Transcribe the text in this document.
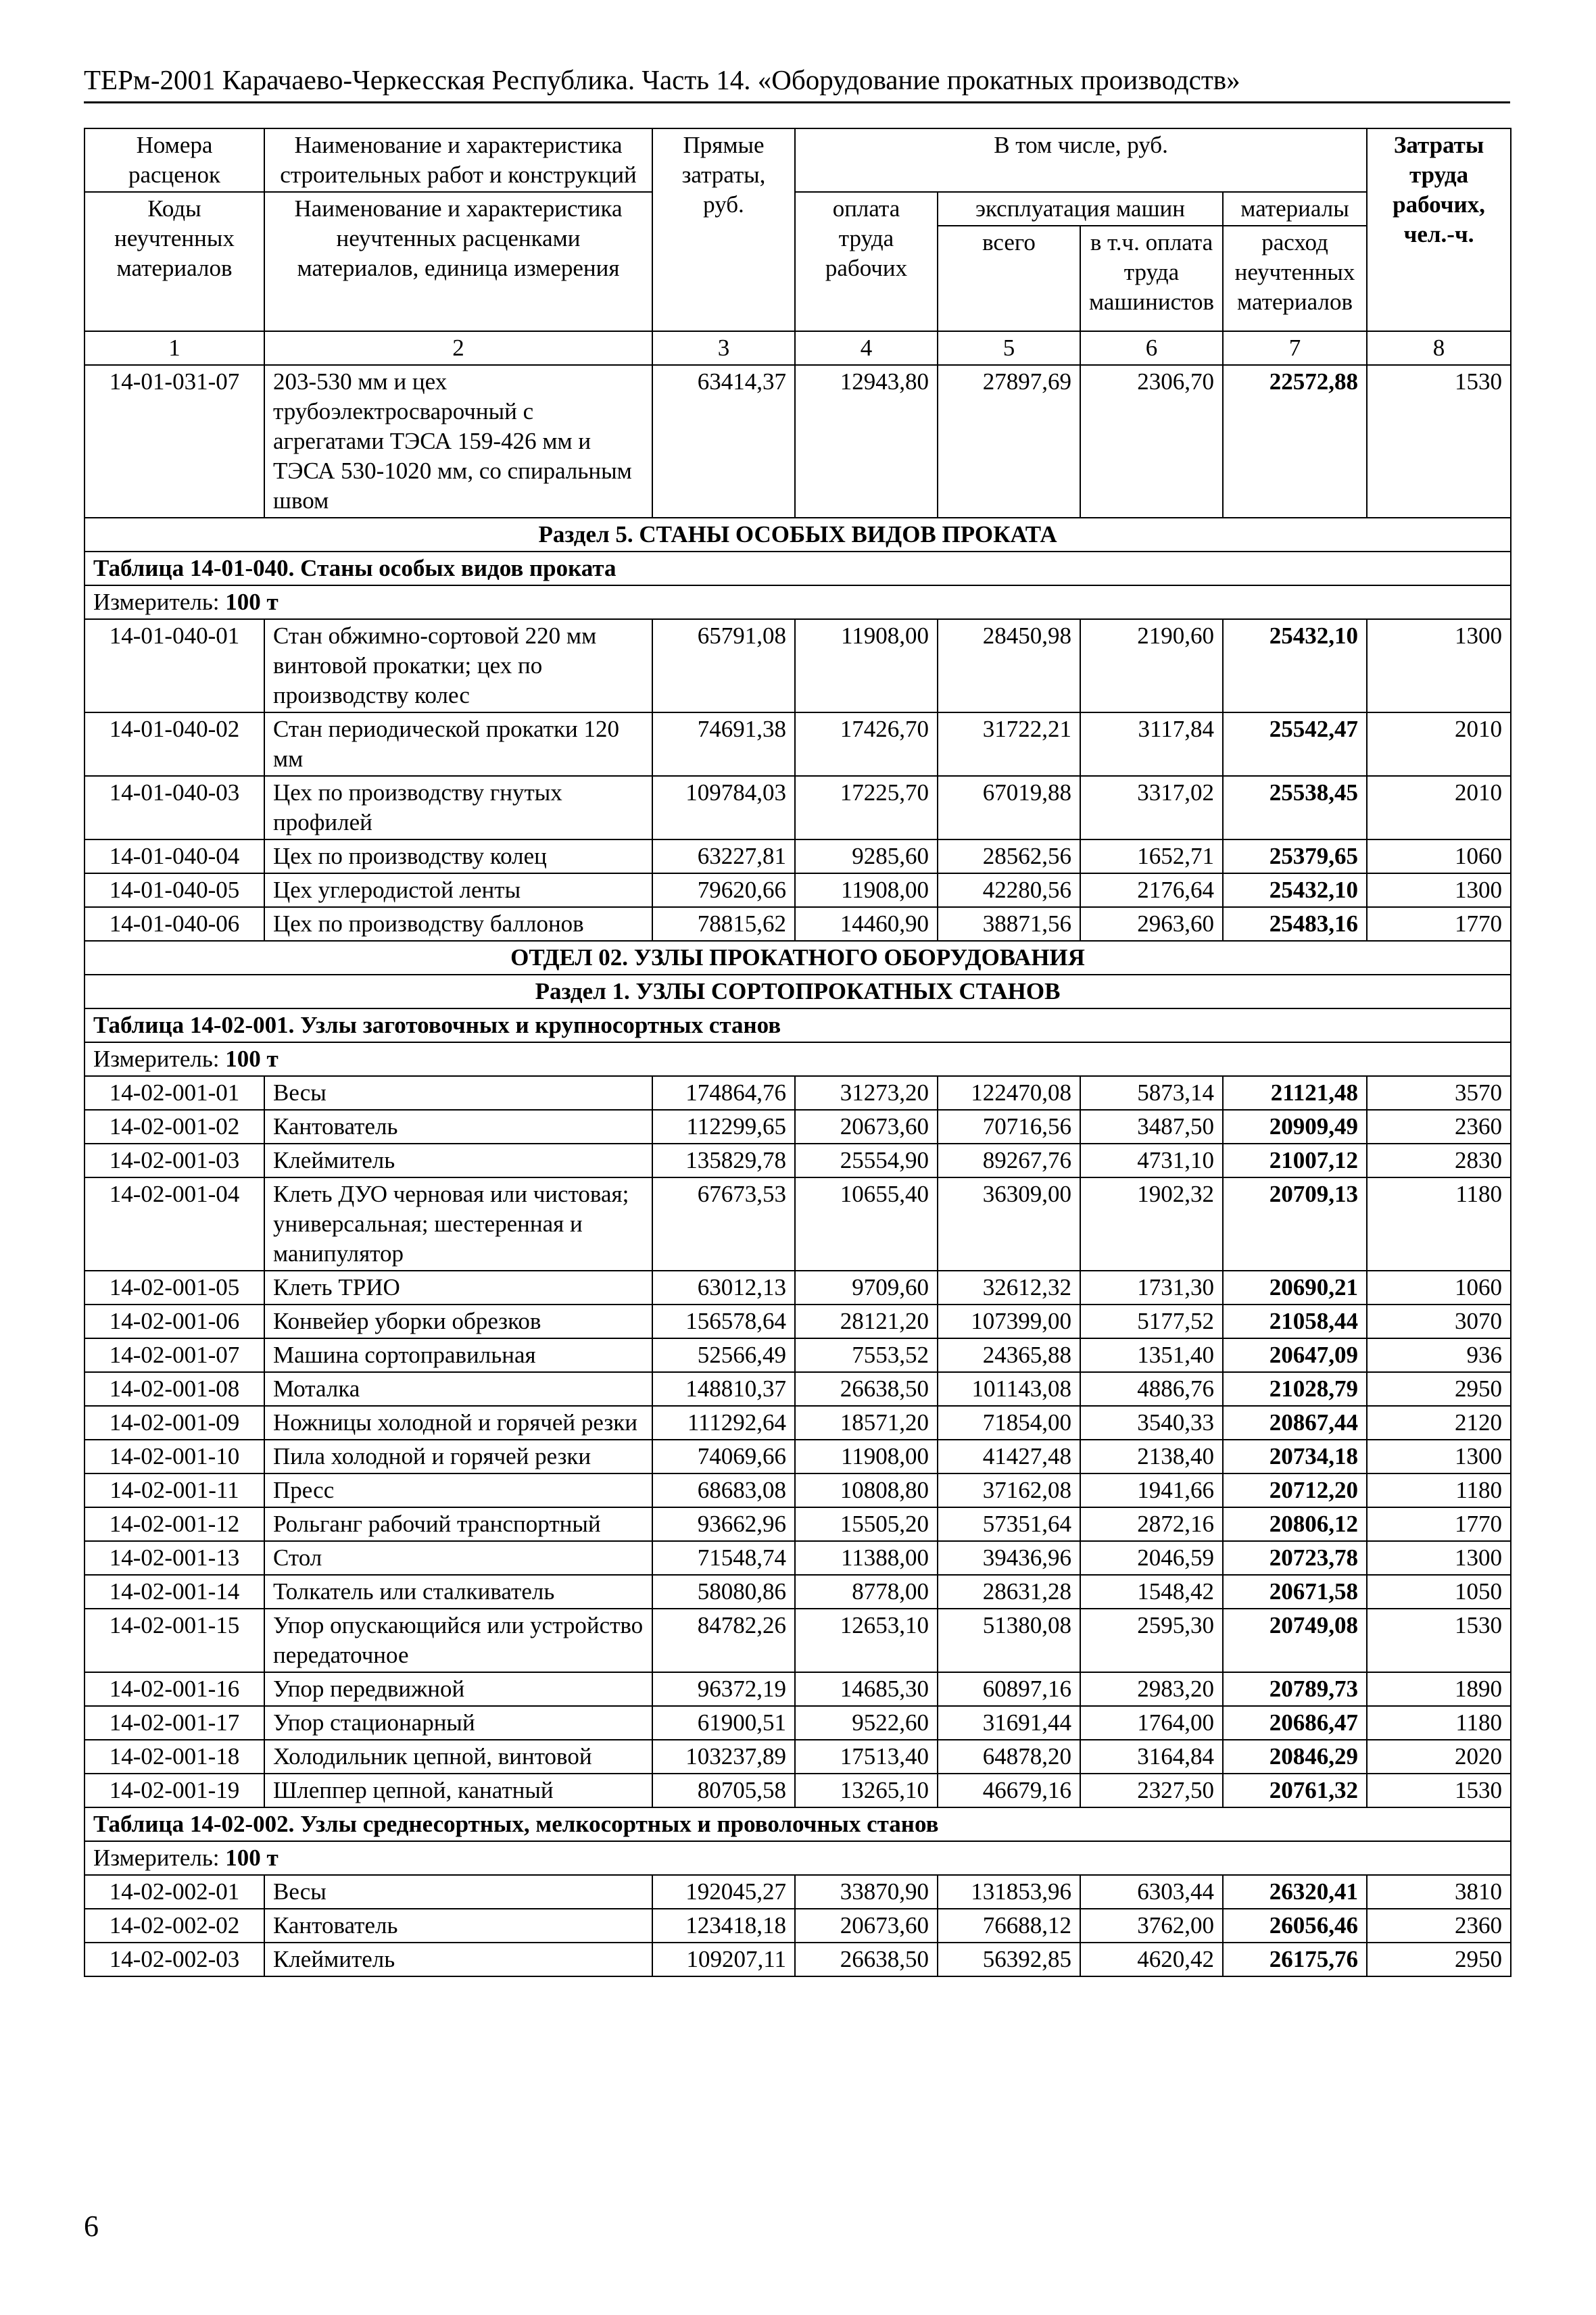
ТЕРм-2001 Карачаево-Черкесская Республика. Часть 14. «Оборудование прокатных производств»
Номера расценок	Наименование и характеристика строительных работ и конструкций	Прямые затраты, руб.	В том числе, руб.				Затраты труда рабочих, чел.-ч.
Коды неучтенных материалов	Наименование и характеристика неучтенных расценками материалов, единица измерения		оплата труда рабочих	эксплуатация машин		материалы	
				всего	в т.ч. оплата труда машинистов	расход неучтенных материалов	
1	2	3	4	5	6	7	8
14-01-031-07	203-530 мм и цех трубоэлектросварочный с агрегатами ТЭСА 159-426 мм и ТЭСА 530-1020 мм, со спиральным швом	63414,37	12943,80	27897,69	2306,70	22572,88	1530
Раздел 5. СТАНЫ ОСОБЫХ ВИДОВ ПРОКАТА							
Таблица 14-01-040. Станы особых видов проката							
Измеритель: 100 т							
14-01-040-01	Стан обжимно-сортовой 220 мм винтовой прокатки; цех по производству колес	65791,08	11908,00	28450,98	2190,60	25432,10	1300
14-01-040-02	Стан периодической прокатки 120 мм	74691,38	17426,70	31722,21	3117,84	25542,47	2010
14-01-040-03	Цех по производству гнутых профилей	109784,03	17225,70	67019,88	3317,02	25538,45	2010
14-01-040-04	Цех по производству колец	63227,81	9285,60	28562,56	1652,71	25379,65	1060
14-01-040-05	Цех углеродистой ленты	79620,66	11908,00	42280,56	2176,64	25432,10	1300
14-01-040-06	Цех по производству баллонов	78815,62	14460,90	38871,56	2963,60	25483,16	1770
ОТДЕЛ 02. УЗЛЫ ПРОКАТНОГО ОБОРУДОВАНИЯ							
Раздел 1. УЗЛЫ СОРТОПРОКАТНЫХ СТАНОВ							
Таблица 14-02-001. Узлы заготовочных и крупносортных станов							
Измеритель: 100 т							
14-02-001-01	Весы	174864,76	31273,20	122470,08	5873,14	21121,48	3570
14-02-001-02	Кантователь	112299,65	20673,60	70716,56	3487,50	20909,49	2360
14-02-001-03	Клеймитель	135829,78	25554,90	89267,76	4731,10	21007,12	2830
14-02-001-04	Клеть ДУО черновая или чистовая; универсальная; шестеренная и манипулятор	67673,53	10655,40	36309,00	1902,32	20709,13	1180
14-02-001-05	Клеть ТРИО	63012,13	9709,60	32612,32	1731,30	20690,21	1060
14-02-001-06	Конвейер уборки обрезков	156578,64	28121,20	107399,00	5177,52	21058,44	3070
14-02-001-07	Машина сортоправильная	52566,49	7553,52	24365,88	1351,40	20647,09	936
14-02-001-08	Моталка	148810,37	26638,50	101143,08	4886,76	21028,79	2950
14-02-001-09	Ножницы холодной и горячей резки	111292,64	18571,20	71854,00	3540,33	20867,44	2120
14-02-001-10	Пила холодной и горячей резки	74069,66	11908,00	41427,48	2138,40	20734,18	1300
14-02-001-11	Пресс	68683,08	10808,80	37162,08	1941,66	20712,20	1180
14-02-001-12	Рольганг рабочий транспортный	93662,96	15505,20	57351,64	2872,16	20806,12	1770
14-02-001-13	Стол	71548,74	11388,00	39436,96	2046,59	20723,78	1300
14-02-001-14	Толкатель или сталкиватель	58080,86	8778,00	28631,28	1548,42	20671,58	1050
14-02-001-15	Упор опускающийся или устройство передаточное	84782,26	12653,10	51380,08	2595,30	20749,08	1530
14-02-001-16	Упор передвижной	96372,19	14685,30	60897,16	2983,20	20789,73	1890
14-02-001-17	Упор стационарный	61900,51	9522,60	31691,44	1764,00	20686,47	1180
14-02-001-18	Холодильник цепной, винтовой	103237,89	17513,40	64878,20	3164,84	20846,29	2020
14-02-001-19	Шлеппер цепной, канатный	80705,58	13265,10	46679,16	2327,50	20761,32	1530
Таблица 14-02-002. Узлы среднесортных, мелкосортных и проволочных станов							
Измеритель: 100 т							
14-02-002-01	Весы	192045,27	33870,90	131853,96	6303,44	26320,41	3810
14-02-002-02	Кантователь	123418,18	20673,60	76688,12	3762,00	26056,46	2360
14-02-002-03	Клеймитель	109207,11	26638,50	56392,85	4620,42	26175,76	2950
6
